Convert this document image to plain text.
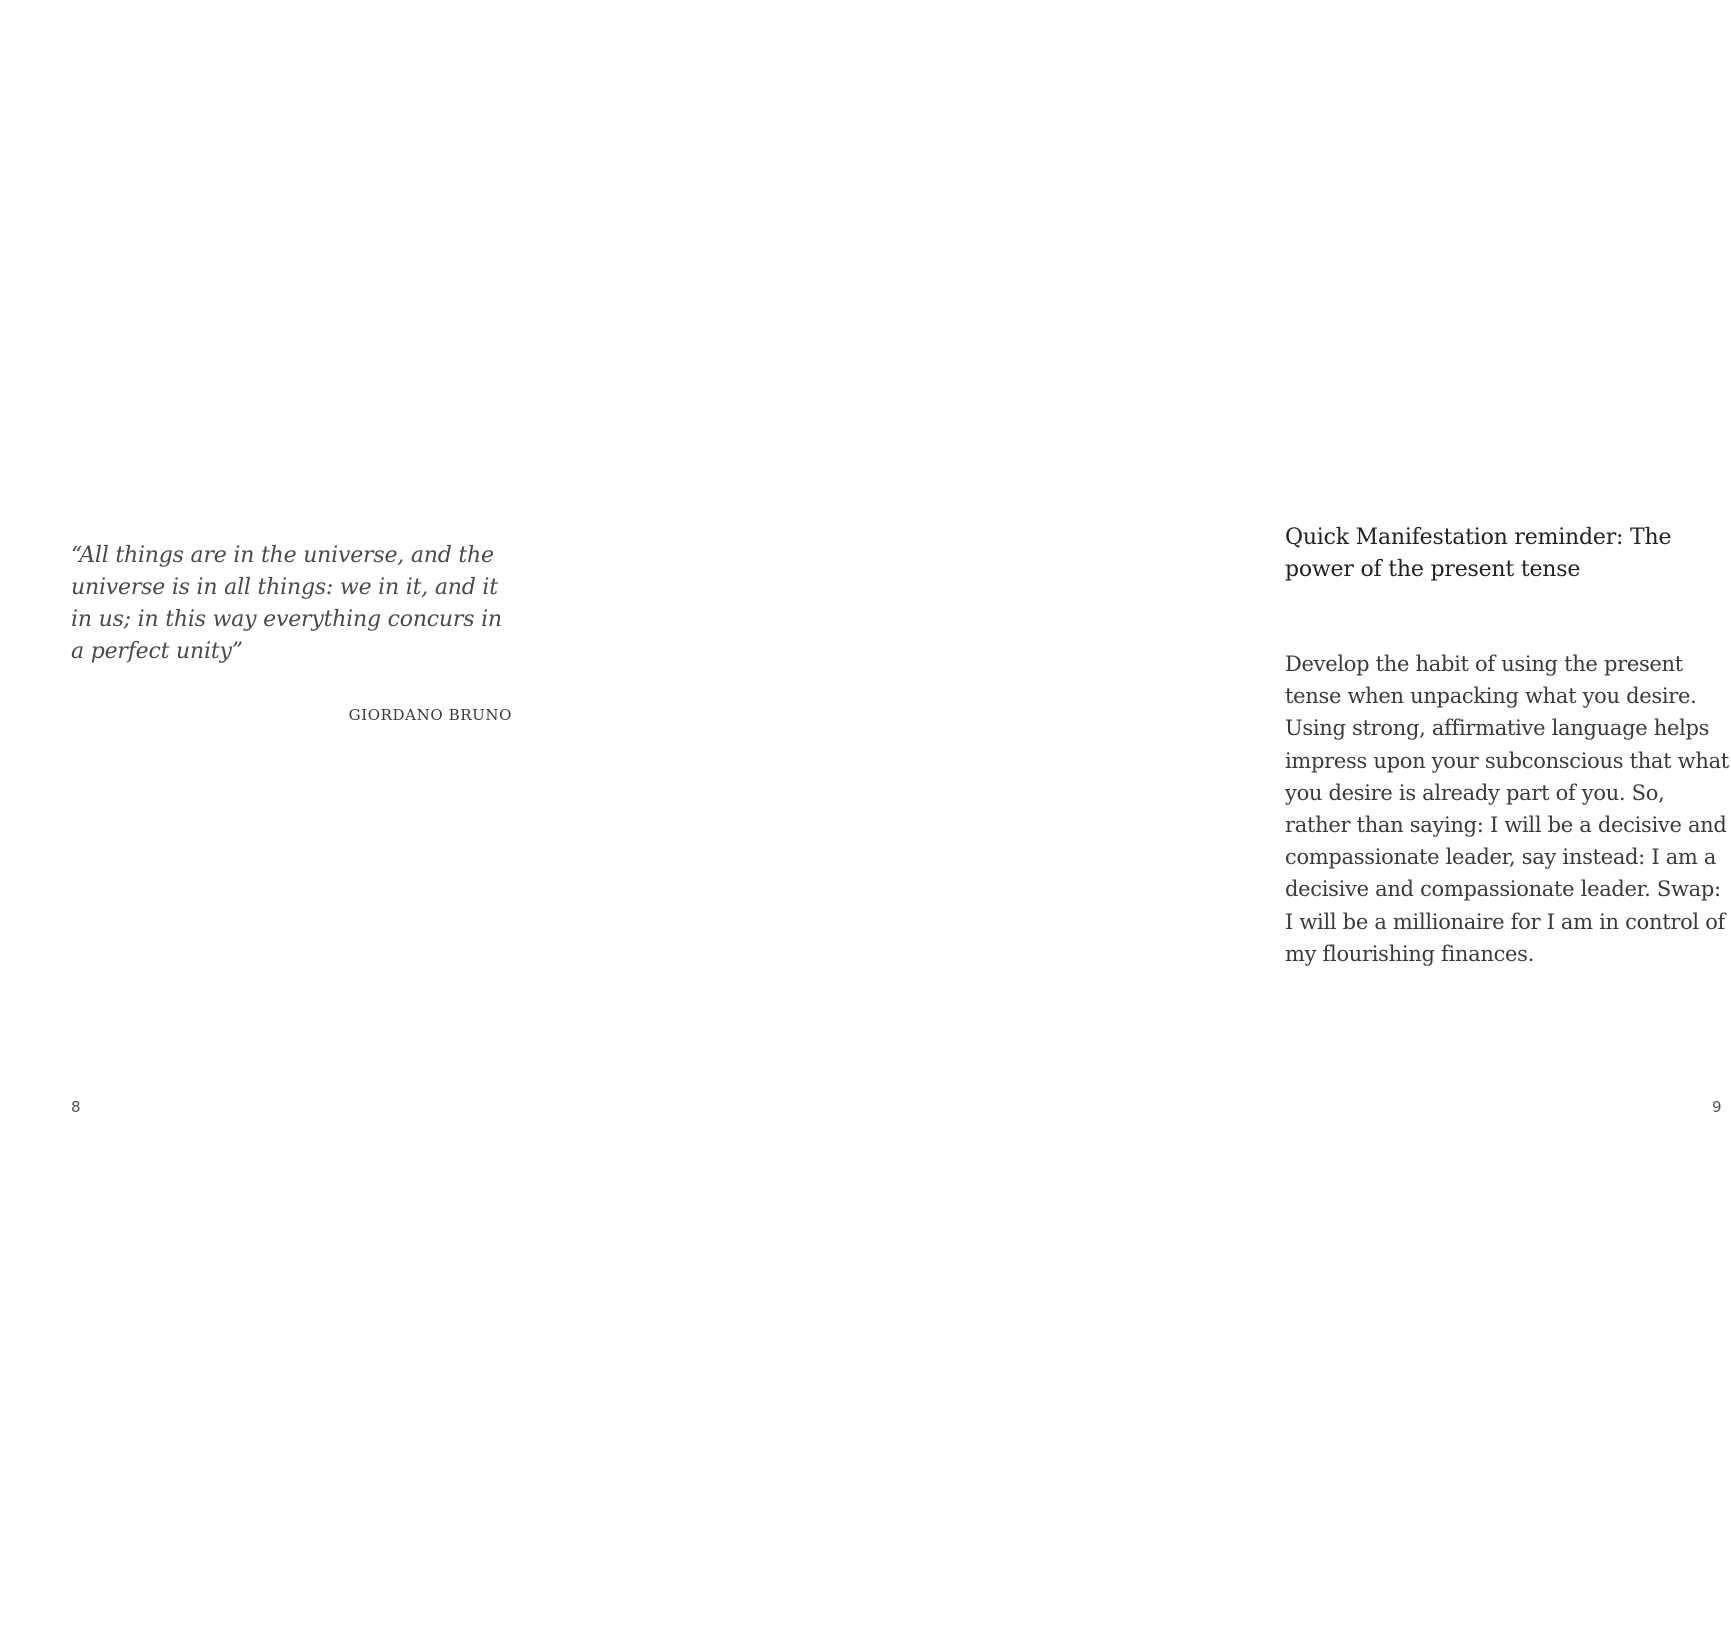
“All things are in the universe, and the universe is in all things: we in it, and it in us; in this way everything concurs in a perfect unity”

GIORDANO BRUNO
8
Quick Manifestation reminder: The power of the present tense

Develop the habit of using the present tense when unpacking what you desire. Using strong, affirmative language helps impress upon your subconscious that what you desire is already part of you. So, rather than saying: I will be a decisive and compassionate leader, say instead: I am a decisive and compassionate leader. Swap: I will be a millionaire for I am in control of my flourishing finances.

9
